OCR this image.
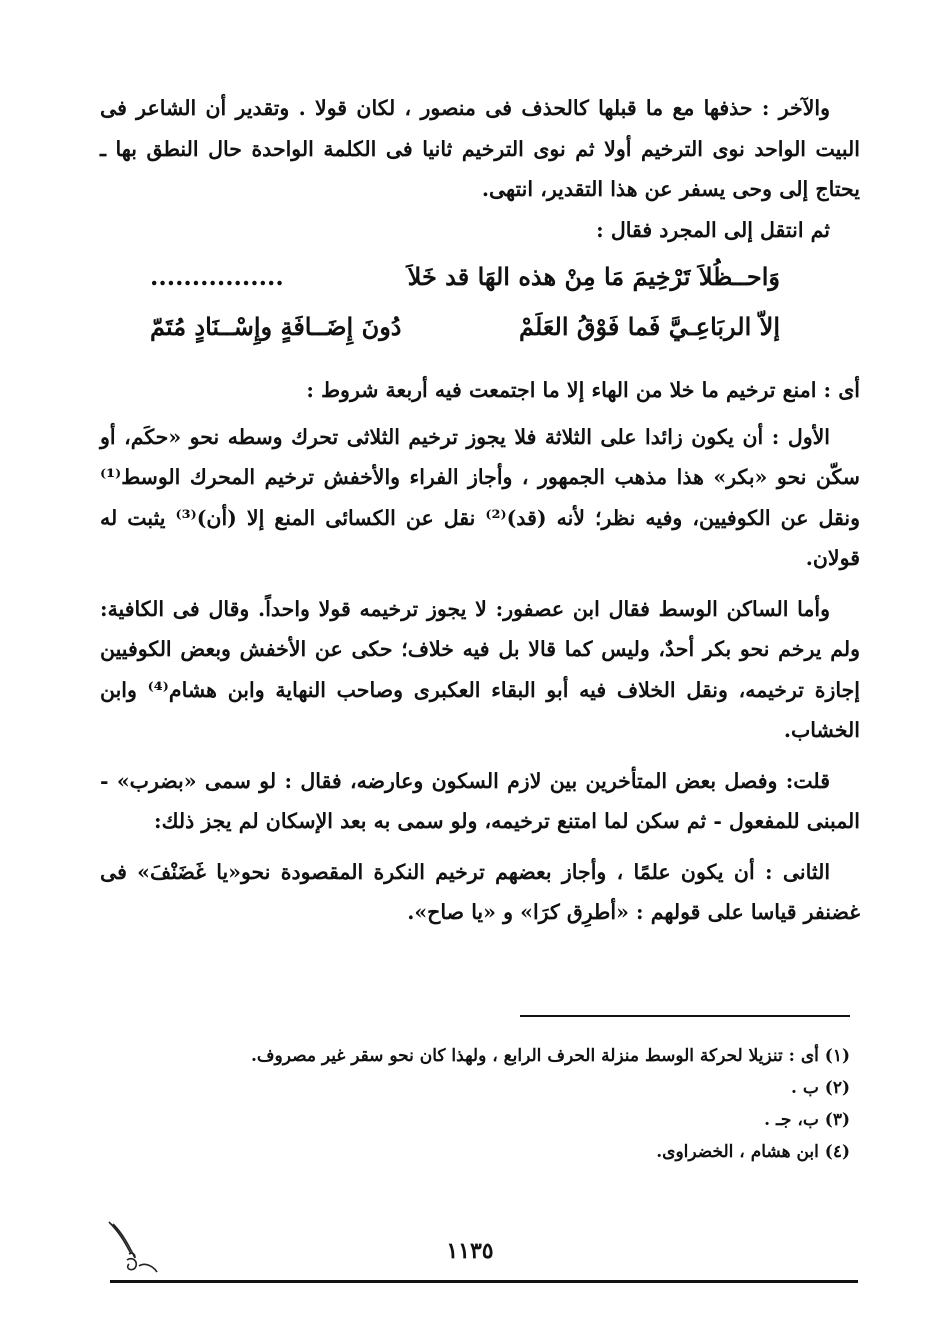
والآخر : حذفها مع ما قبلها كالحذف فى منصور ، لكان قولا . وتقدير أن الشاعر فى البيت الواحد نوى الترخيم أولا ثم نوى الترخيم ثانيا فى الكلمة الواحدة حال النطق بها ـ يحتاج إلى وحى يسفر عن هذا التقدير، انتهى.

ثم انتقل إلى المجرد فقال :

وَاحــظُلاَ تَرْخِيمَ مَا مِنْ هذه الهَا قد خَلاَ
................
إلاّ الربَاعِـيَّ فَما فَوْقُ العَلَمْ
دُونَ إِضَــافَةٍ وإِسْــنَادٍ مُتَمّ

أى : امنع ترخيم ما خلا من الهاء إلا ما اجتمعت فيه أربعة شروط :

الأول : أن يكون زائدا على الثلاثة فلا يجوز ترخيم الثلاثى تحرك وسطه نحو «حكَم، أو سكّن نحو «بكر» هذا مذهب الجمهور ، وأجاز الفراء والأخفش ترخيم المحرك الوسط⁽¹⁾ ونقل عن الكوفيين، وفيه نظر؛ لأنه (قد)⁽²⁾ نقل عن الكسائى المنع إلا (أن)⁽³⁾ يثبت له قولان.

وأما الساكن الوسط فقال ابن عصفور: لا يجوز ترخيمه قولا واحداً. وقال فى الكافية: ولم يرخم نحو بكر أحدٌ، وليس كما قالا بل فيه خلاف؛ حكى عن الأخفش وبعض الكوفيين إجازة ترخيمه، ونقل الخلاف فيه أبو البقاء العكبرى وصاحب النهاية وابن هشام⁽⁴⁾ وابن الخشاب.

قلت: وفصل بعض المتأخرين بين لازم السكون وعارضه، فقال : لو سمى «بضرب» - المبنى للمفعول - ثم سكن لما امتنع ترخيمه، ولو سمى به بعد الإسكان لم يجز ذلك:

الثانى : أن يكون علمًا ، وأجاز بعضهم ترخيم النكرة المقصودة نحو«يا غَضَنْفَ» فى غضنفر قياسا على قولهم : «أطرِق كرَا» و «يا صاح».

(١) أى : تنزيلا لحركة الوسط منزلة الحرف الرابع ، ولهذا كان نحو سقر غير مصروف.

(٢) ب .

(٣) ب، جـ .

(٤) ابن هشام ، الخضراوى.

١١٣٥
